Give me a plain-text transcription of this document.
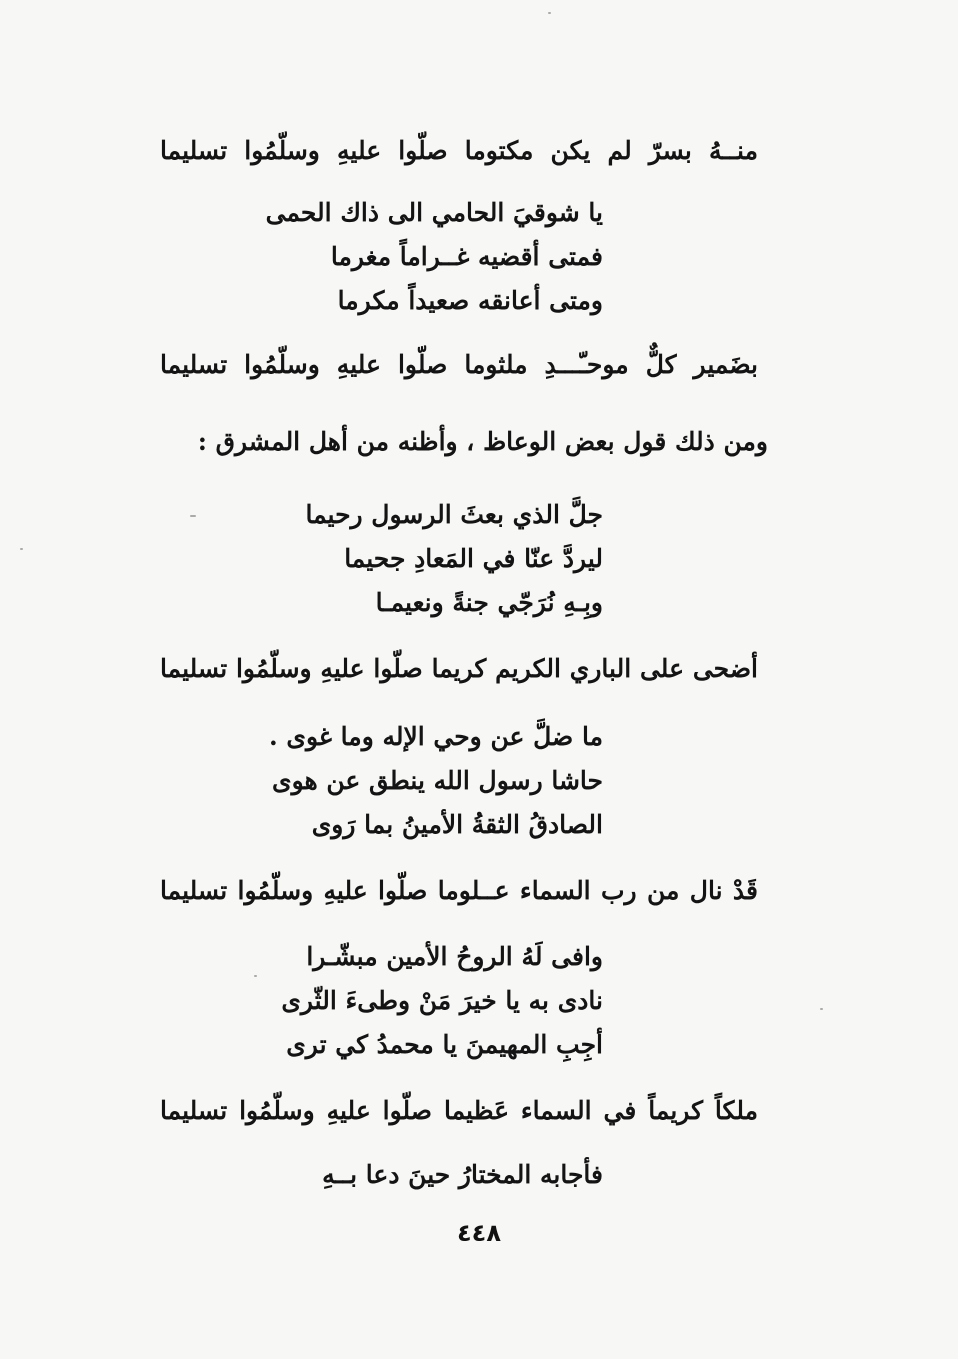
منــهُ بسرّ لم يكن مكتوما صلّوا عليهِ وسلّمُوا تسليما
يا شوقيَ الحامي الى ذاك الحمى
فمتى أقضيه غــراماً مغرما
ومتى أعانقه صعيداً مكرما
بضَمير كلٌّ موحـّـــدِ ملثوما صلّوا عليهِ وسلّمُوا تسليما
ومن ذلك قول بعض الوعاظ ، وأظنه من أهل المشرق :
جلَّ الذي بعثَ الرسول رحيما
ليردَّ عنّا في المَعادِ جحيما
وبِـهِ نُرَجّي جنةً ونعيمـا
أضحى على الباري الكريم كريما صلّوا عليهِ وسلّمُوا تسليما
ما ضلَّ عن وحي الإله وما غوى .
حاشا رسول الله ينطق عن هوى
الصادقُ الثقةُ الأمينُ بما رَوى
قَدْ نال من رب السماء عــلوما صلّوا عليهِ وسلّمُوا تسليما
وافى لَهُ الروحُ الأمين مبشّـرا
نادى به يا خيرَ مَنْ وطىءَ الثّرى
أجِبِ المهيمنَ يا محمدُ كي ترى
ملكاً كريماً في السماء عَظيما صلّوا عليهِ وسلّمُوا تسليما
فأجابه المختارُ حينَ دعا بــهِ
٤٤٨
